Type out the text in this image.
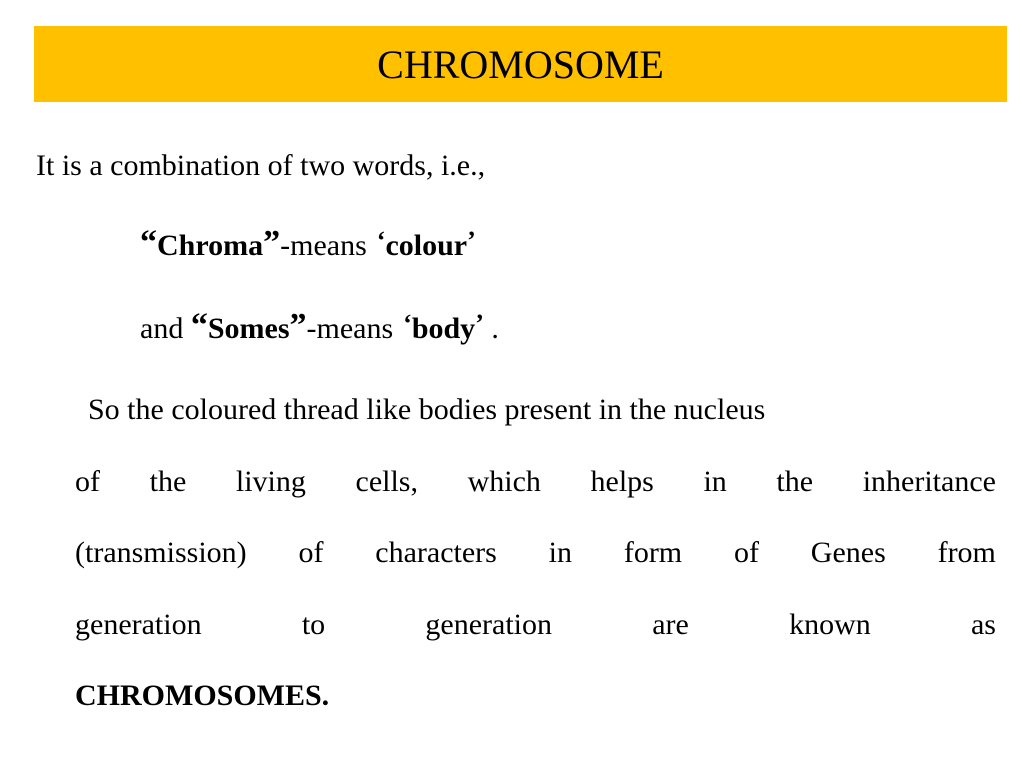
CHROMOSOME
It is a combination of two words, i.e.,
“Chroma”-means ‘colour’
and “Somes”-means ‘body’ .
So the coloured thread like bodies present in the nucleus
of the living cells, which helps in the inheritance
(transmission) of characters in form of Genes from
generation	to	generation	are	known	as
CHROMOSOMES.
